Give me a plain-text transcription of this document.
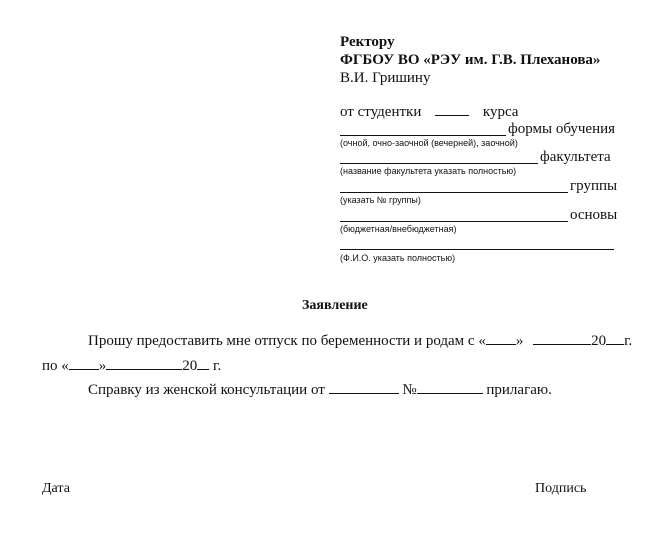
Ректору
ФГБОУ ВО «РЭУ им. Г.В. Плеханова»
В.И. Гришину
от студентки	курса
формы обучения
(очной, очно-заочной (вечерней), заочной)
факультета
(название факультета указать полностью)
группы
(указать № группы)
основы
(бюджетная/внебюджетная)
(Ф.И.О. указать полностью)
Заявление
Прошу предоставить мне отпуск по беременности и родам с « »	20 г.
по « »	20 г.
Справку из женской консультации от	№	прилагаю.
Дата	Подпись
